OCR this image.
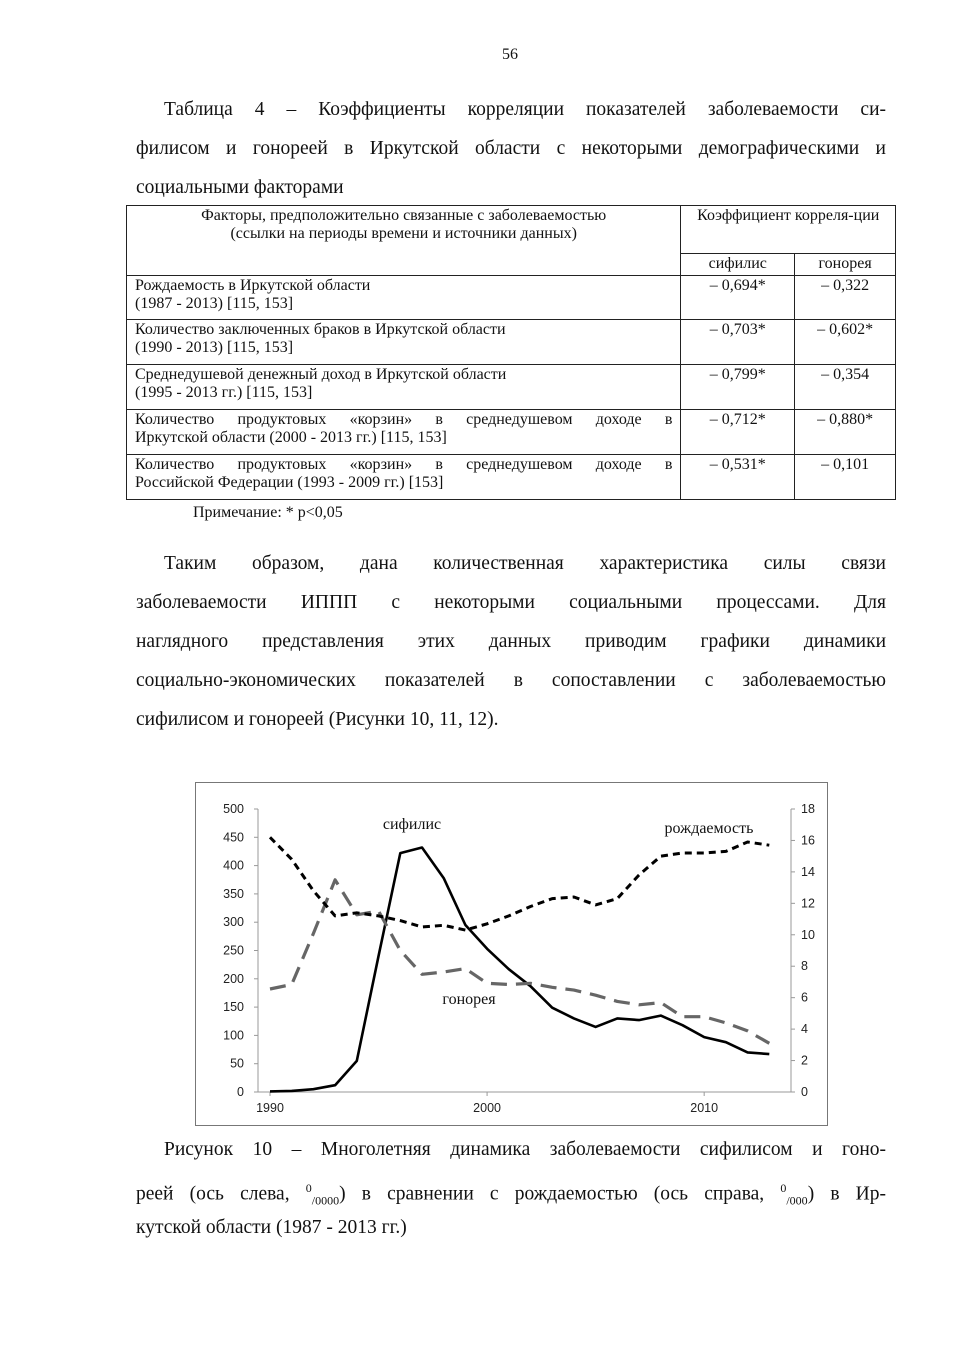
56
Таблица 4 – Коэффициенты корреляции показателей заболеваемости си-
филисом и гонореей в Иркутской области с некоторыми демографическими и
социальными факторами
Факторы, предположительно связанные с заболеваемостью
(ссылки на периоды времени и источники данных)	Коэффициент корреля-ции	
	сифилис	гонорея

Рождаемость в Иркутской области
(1987 - 2013) [115, 153]	– 0,694*	– 0,322

Количество заключенных браков в Иркутской области
(1990 - 2013) [115, 153]	– 0,703*	– 0,602*

Среднедушевой денежный доход в Иркутской области
(1995 - 2013 гг.) [115, 153]	– 0,799*	– 0,354

Количество продуктовых «корзин» в среднедушевом доходе в
Иркутской области (2000 - 2013 гг.) [115, 153]	– 0,712*	– 0,880*

Количество продуктовых «корзин» в среднедушевом доходе в
Российской Федерации (1993 - 2009 гг.) [153]	– 0,531*	– 0,101
Примечание: * p<0,05
Таким образом, дана количественная характеристика силы связи
заболеваемости ИППП с некоторыми социальными процессами. Для
наглядного представления этих данных приводим графики динамики
социально-экономических показателей в сопоставлении с заболеваемостью
сифилисом и гонореей (Рисунки 10, 11, 12).
0
50
100
150
200
250
300
350
400
450
500
0
2
4
6
8
10
12
14
16
18
1990	2000	2010
сифилис
гонорея
рождаемость
Рисунок 10 – Многолетняя динамика заболеваемости сифилисом и гоно-
реей (ось слева, $^0_{/0000}$) в сравнении с рождаемостью (ось справа, $^0_{/000}$) в Ир-
кутской области (1987 - 2013 гг.)
